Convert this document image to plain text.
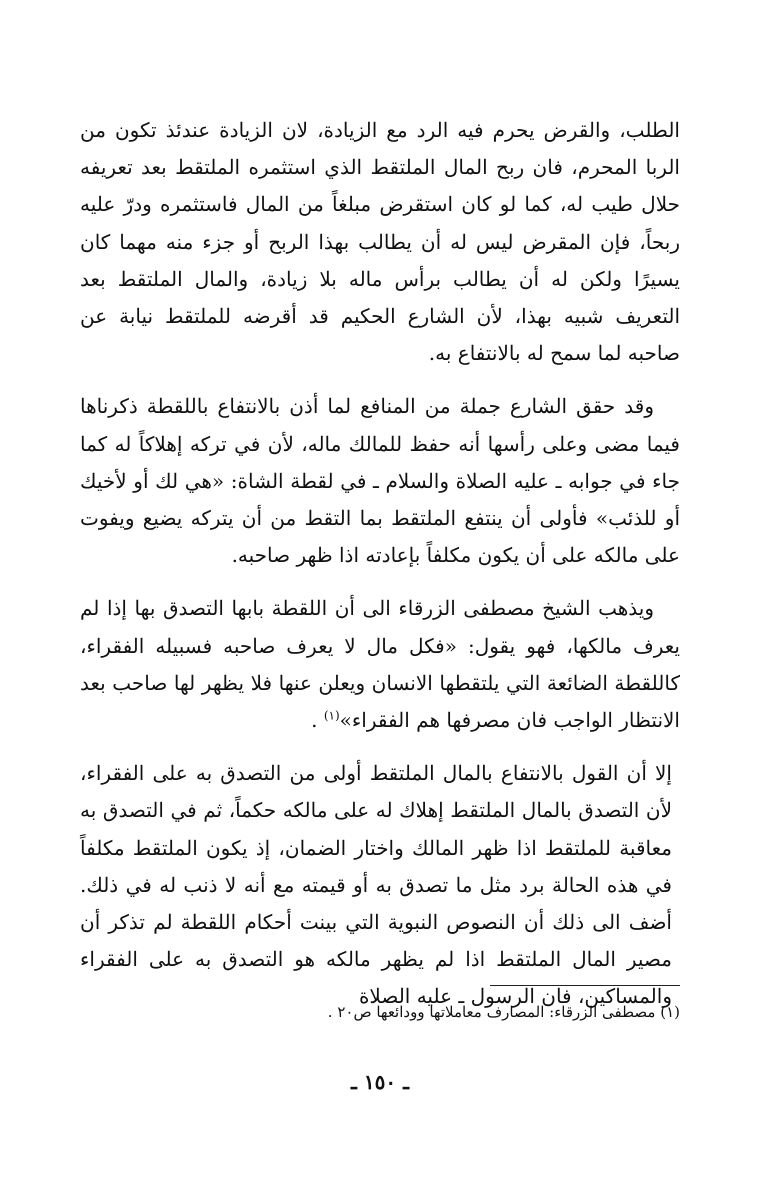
الطلب، والقرض يحرم فيه الرد مع الزيادة، لان الزيادة عندئذ تكون من الربا المحرم، فان ربح المال الملتقط الذي استثمره الملتقط بعد تعريفه حلال طيب له، كما لو كان استقرض مبلغاً من المال فاستثمره ودرّ عليه ربحاً، فإن المقرض ليس له أن يطالب بهذا الربح أو جزء منه مهما كان يسيرًا ولكن له أن يطالب برأس ماله بلا زيادة، والمال الملتقط بعد التعريف شبيه بهذا، لأن الشارع الحكيم قد أقرضه للملتقط نيابة عن صاحبه لما سمح له بالانتفاع به.

وقد حقق الشارع جملة من المنافع لما أذن بالانتفاع باللقطة ذكرناها فيما مضى وعلى رأسها أنه حفظ للمالك ماله، لأن في تركه إهلاكاً له كما جاء في جوابه ـ عليه الصلاة والسلام ـ في لقطة الشاة: «هي لك أو لأخيك أو للذئب» فأولى أن ينتفع الملتقط بما التقط من أن يتركه يضيع ويفوت على مالكه على أن يكون مكلفاً بإعادته اذا ظهر صاحبه.

ويذهب الشيخ مصطفى الزرقاء الى أن اللقطة بابها التصدق بها إذا لم يعرف مالكها، فهو يقول: «فكل مال لا يعرف صاحبه فسبيله الفقراء، كاللقطة الضائعة التي يلتقطها الانسان ويعلن عنها فلا يظهر لها صاحب بعد الانتظار الواجب فان مصرفها هم الفقراء»$^{(١)}$ .

إلا أن القول بالانتفاع بالمال الملتقط أولى من التصدق به على الفقراء، لأن التصدق بالمال الملتقط إهلاك له على مالكه حكماً، ثم في التصدق به معاقبة للملتقط اذا ظهر المالك واختار الضمان، إذ يكون الملتقط مكلفاً في هذه الحالة برد مثل ما تصدق به أو قيمته مع أنه لا ذنب له في ذلك. أضف الى ذلك أن النصوص النبوية التي بينت أحكام اللقطة لم تذكر أن مصير المال الملتقط اذا لم يظهر مالكه هو التصدق به على الفقراء والمساكين، فان الرسول ـ عليه الصلاة

(١) مصطفى الزرقاء: المصارف معاملاتها وودائعها ص٢٠ .
ـ ١٥٠ ـ
